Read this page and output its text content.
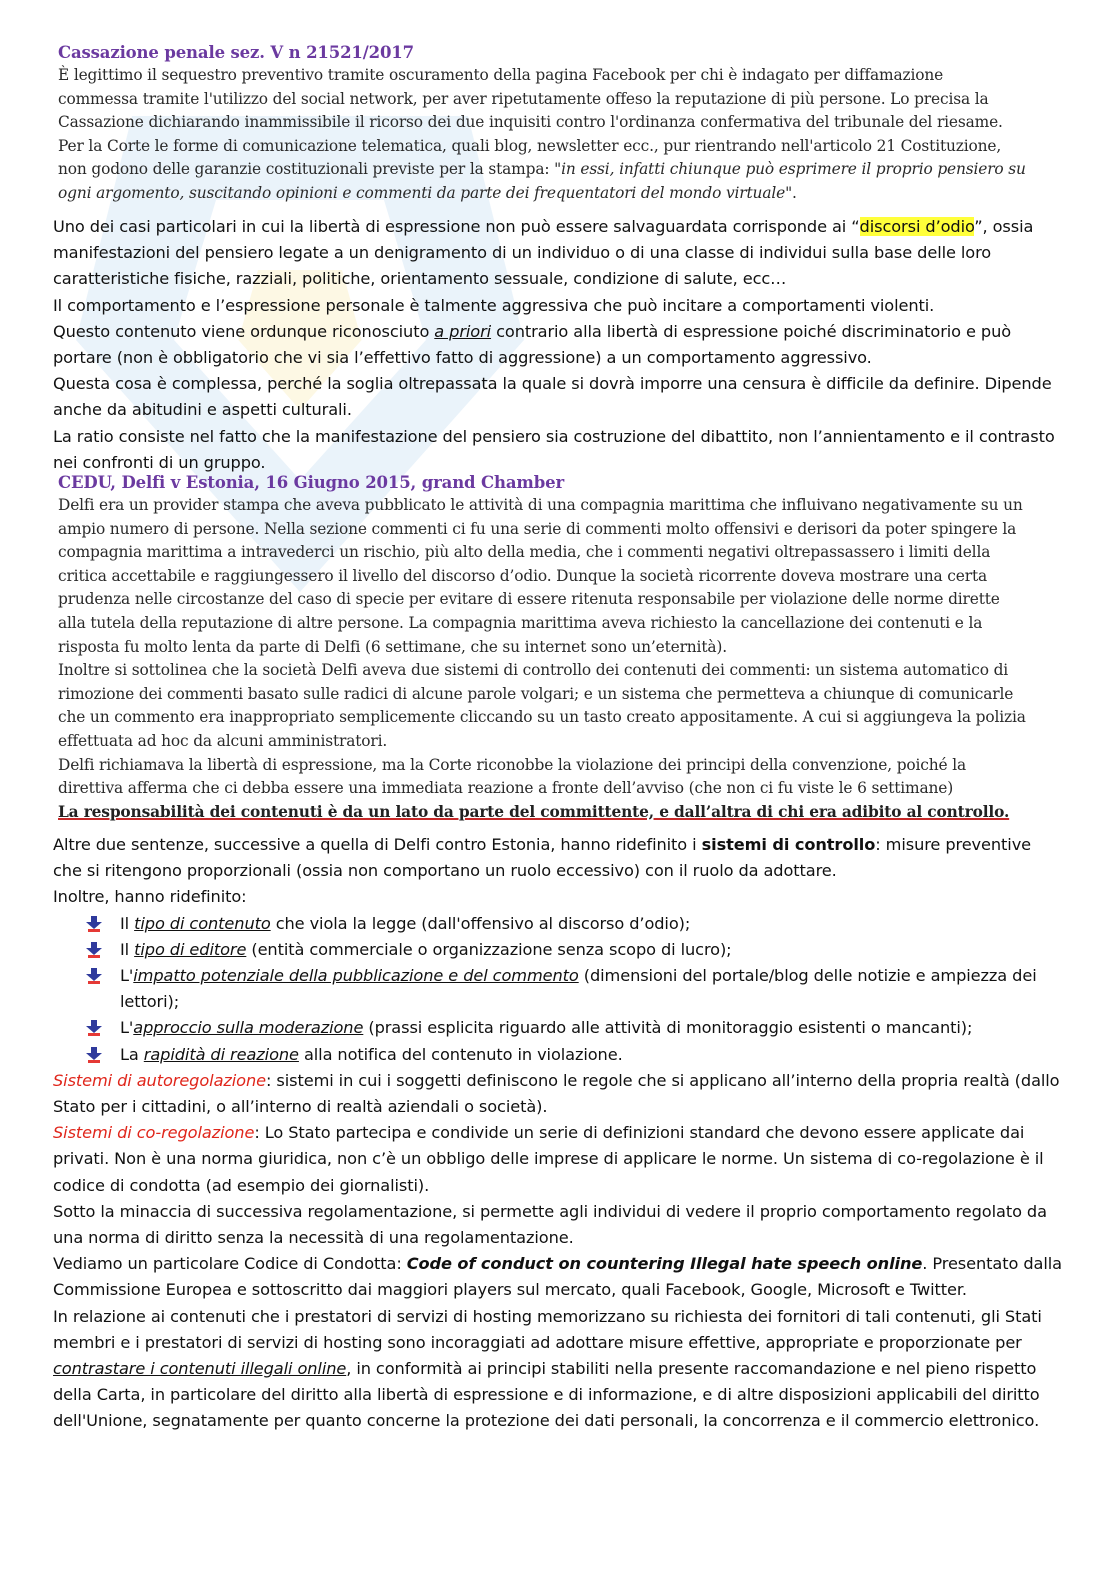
Cassazione penale sez. V n 21521/2017

È legittimo il sequestro preventivo tramite oscuramento della pagina Facebook per chi è indagato per diffamazione

commessa tramite l'utilizzo del social network, per aver ripetutamente offeso la reputazione di più persone. Lo precisa la

Cassazione dichiarando inammissibile il ricorso dei due inquisiti contro l'ordinanza confermativa del tribunale del riesame.

Per la Corte le forme di comunicazione telematica, quali blog, newsletter ecc., pur rientrando nell'articolo 21 Costituzione,

non godono delle garanzie costituzionali previste per la stampa: "in essi, infatti chiunque può esprimere il proprio pensiero su

ogni argomento, suscitando opinioni e commenti da parte dei frequentatori del mondo virtuale".

Uno dei casi particolari in cui la libertà di espressione non può essere salvaguardata corrisponde ai “discorsi d’odio”, ossia manifestazioni del pensiero legate a un denigramento di un individuo o di una classe di individui sulla base delle loro caratteristiche fisiche, razziali, politiche, orientamento sessuale, condizione di salute, ecc…

Il comportamento e l’espressione personale è talmente aggressiva che può incitare a comportamenti violenti.

Questo contenuto viene ordunque riconosciuto a priori contrario alla libertà di espressione poiché discriminatorio e può portare (non è obbligatorio che vi sia l’effettivo fatto di aggressione) a un comportamento aggressivo.

Questa cosa è complessa, perché la soglia oltrepassata la quale si dovrà imporre una censura è difficile da definire. Dipende anche da abitudini e aspetti culturali.

La ratio consiste nel fatto che la manifestazione del pensiero sia costruzione del dibattito, non l’annientamento e il contrasto nei confronti di un gruppo.

CEDU, Delfi v Estonia, 16 Giugno 2015, grand Chamber

Delfi era un provider stampa che aveva pubblicato le attività di una compagnia marittima che influivano negativamente su un

ampio numero di persone. Nella sezione commenti ci fu una serie di commenti molto offensivi e derisori da poter spingere la

compagnia marittima a intravederci un rischio, più alto della media, che i commenti negativi oltrepassassero i limiti della

critica accettabile e raggiungessero il livello del discorso d’odio. Dunque la società ricorrente doveva mostrare una certa

prudenza nelle circostanze del caso di specie per evitare di essere ritenuta responsabile per violazione delle norme dirette

alla tutela della reputazione di altre persone. La compagnia marittima aveva richiesto la cancellazione dei contenuti e la

risposta fu molto lenta da parte di Delfi (6 settimane, che su internet sono un’eternità).

Inoltre si sottolinea che la società Delfi aveva due sistemi di controllo dei contenuti dei commenti: un sistema automatico di

rimozione dei commenti basato sulle radici di alcune parole volgari; e un sistema che permetteva a chiunque di comunicarle

che un commento era inappropriato semplicemente cliccando su un tasto creato appositamente. A cui si aggiungeva la polizia

effettuata ad hoc da alcuni amministratori.

Delfi richiamava la libertà di espressione, ma la Corte riconobbe la violazione dei principi della convenzione, poiché la

direttiva afferma che ci debba essere una immediata reazione a fronte dell’avviso (che non ci fu viste le 6 settimane)

La responsabilità dei contenuti è da un lato da parte del committente, e dall’altra di chi era adibito al controllo.

Altre due sentenze, successive a quella di Delfi contro Estonia, hanno ridefinito i sistemi di controllo: misure preventive che si ritengono proporzionali (ossia non comportano un ruolo eccessivo) con il ruolo da adottare.

Inoltre, hanno ridefinito:

Il tipo di contenuto che viola la legge (dall'offensivo al discorso d’odio);
Il tipo di editore (entità commerciale o organizzazione senza scopo di lucro);
L'impatto potenziale della pubblicazione e del commento (dimensioni del portale/blog delle notizie e ampiezza dei lettori);
L'approccio sulla moderazione (prassi esplicita riguardo alle attività di monitoraggio esistenti o mancanti);
La rapidità di reazione alla notifica del contenuto in violazione.

Sistemi di autoregolazione: sistemi in cui i soggetti definiscono le regole che si applicano all’interno della propria realtà (dallo Stato per i cittadini, o all’interno di realtà aziendali o società).

Sistemi di co-regolazione: Lo Stato partecipa e condivide un serie di definizioni standard che devono essere applicate dai privati. Non è una norma giuridica, non c’è un obbligo delle imprese di applicare le norme. Un sistema di co-regolazione è il codice di condotta (ad esempio dei giornalisti).

Sotto la minaccia di successiva regolamentazione, si permette agli individui di vedere il proprio comportamento regolato da una norma di diritto senza la necessità di una regolamentazione.

Vediamo un particolare Codice di Condotta: Code of conduct on countering Illegal hate speech online. Presentato dalla Commissione Europea e sottoscritto dai maggiori players sul mercato, quali Facebook, Google, Microsoft e Twitter.

In relazione ai contenuti che i prestatori di servizi di hosting memorizzano su richiesta dei fornitori di tali contenuti, gli Stati membri e i prestatori di servizi di hosting sono incoraggiati ad adottare misure effettive, appropriate e proporzionate per contrastare i contenuti illegali online, in conformità ai principi stabiliti nella presente raccomandazione e nel pieno rispetto della Carta, in particolare del diritto alla libertà di espressione e di informazione, e di altre disposizioni applicabili del diritto dell'Unione, segnatamente per quanto concerne la protezione dei dati personali, la concorrenza e il commercio elettronico.
